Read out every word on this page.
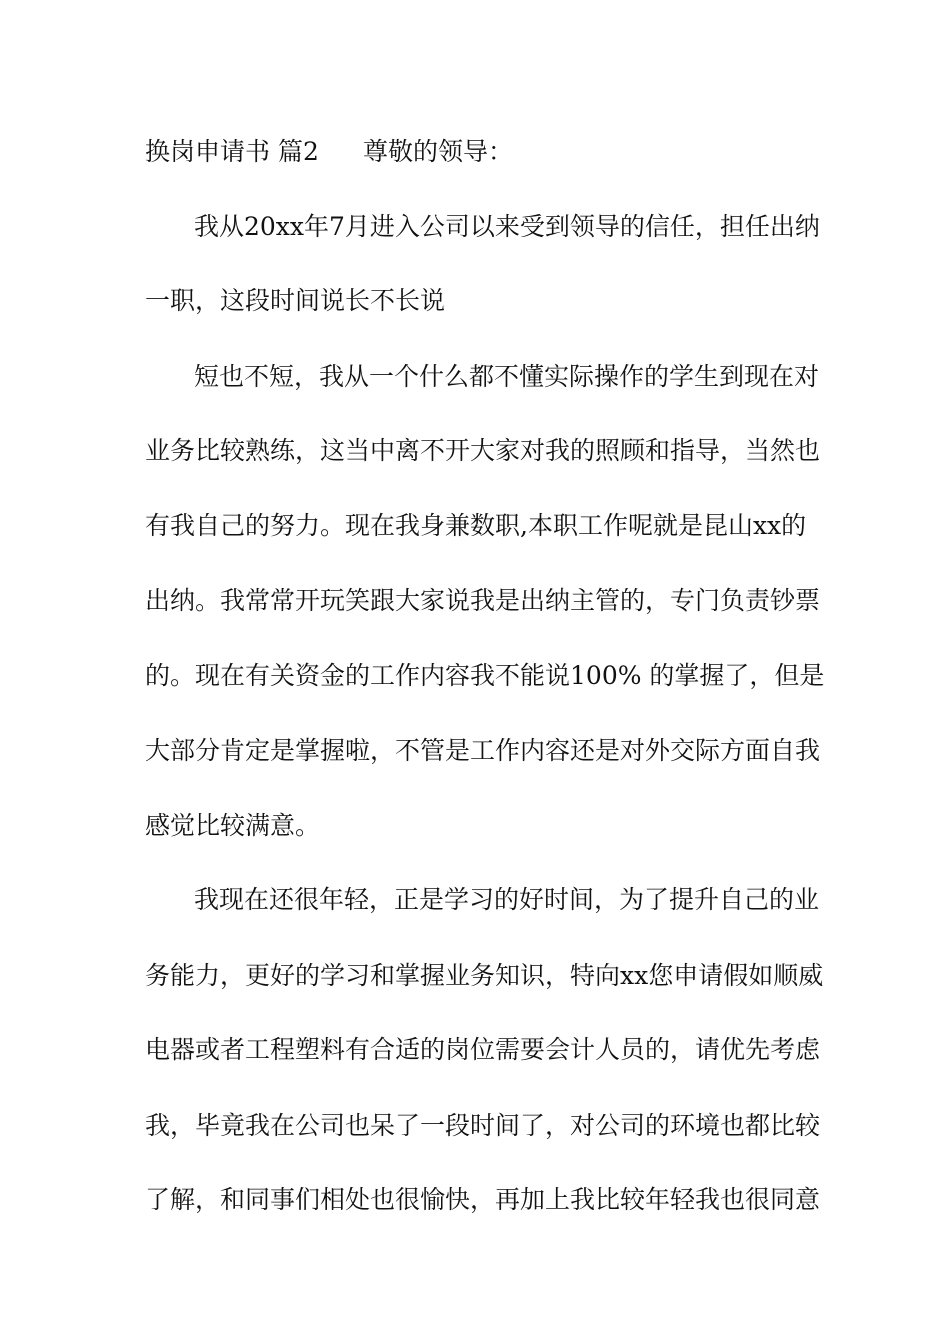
换岗申请书 篇2 尊敬的领导：
我从20xx年7月进入公司以来受到领导的信任，担任出纳
一职，这段时间说长不长说
短也不短，我从一个什么都不懂实际操作的学生到现在对
业务比较熟练，这当中离不开大家对我的照顾和指导，当然也
有我自己的努力。现在我身兼数职,本职工作呢就是昆山xx的
出纳。我常常开玩笑跟大家说我是出纳主管的，专门负责钞票
的。现在有关资金的工作内容我不能说100% 的掌握了，但是
大部分肯定是掌握啦，不管是工作内容还是对外交际方面自我
感觉比较满意。
我现在还很年轻，正是学习的好时间，为了提升自己的业
务能力，更好的学习和掌握业务知识，特向xx您申请假如顺威
电器或者工程塑料有合适的岗位需要会计人员的，请优先考虑
我，毕竟我在公司也呆了一段时间了，对公司的环境也都比较
了解，和同事们相处也很愉快，再加上我比较年轻我也很同意
